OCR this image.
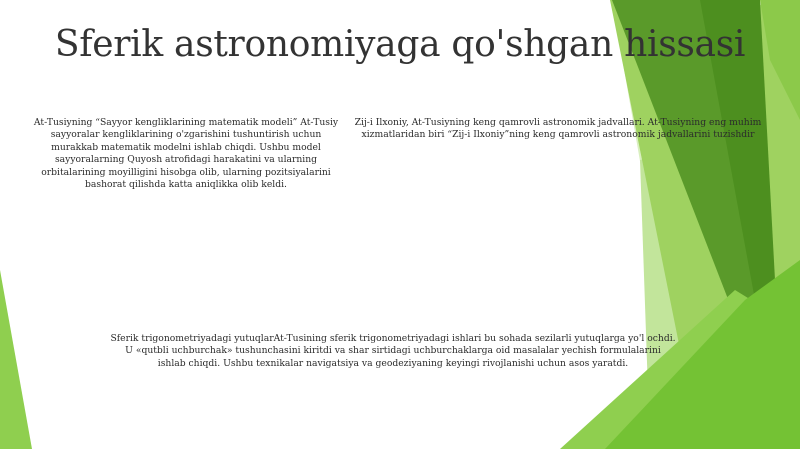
Sferik astronomiyaga qo'shgan hissasi

At-Tusiyning “Sayyor kengliklarining matematik modeli” At-Tusiy sayyoralar kengliklarining o'zgarishini tushuntirish uchun murakkab matematik modelni ishlab chiqdi. Ushbu model sayyoralarning Quyosh atrofidagi harakatini va ularning orbitalarining moyilligini hisobga olib, ularning pozitsiyalarini bashorat qilishda katta aniqlikka olib keldi.

Zij-i Ilxoniy, At-Tusiyning keng qamrovli astronomik jadvallari. At-Tusiyning eng muhim xizmatlaridan biri “Zij-i Ilxoniy”ning keng qamrovli astronomik jadvallarini tuzishdir

Sferik trigonometriyadagi yutuqlarAt-Tusining sferik trigonometriyadagi ishlari bu sohada sezilarli yutuqlarga yo'l ochdi. U «qutbli uchburchak» tushunchasini kiritdi va shar sirtidagi uchburchaklarga oid masalalar yechish formulalarini ishlab chiqdi. Ushbu texnikalar navigatsiya va geodeziyaning keyingi rivojlanishi uchun asos yaratdi.
